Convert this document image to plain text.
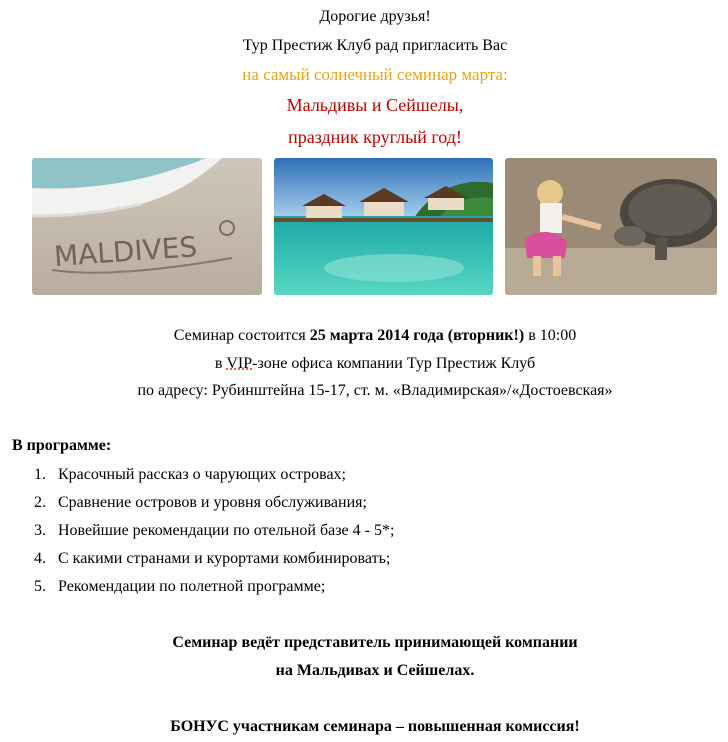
Дорогие друзья!
Тур Престиж Клуб рад пригласить Вас
на самый солнечный семинар марта:
Мальдивы и Сейшелы,
праздник круглый год!
MALDIVES
Семинар состоится 25 марта 2014 года (вторник!) в 10:00
в VIP-зоне офиса компании Тур Престиж Клуб
по адресу: Рубинштейна 15-17, ст. м. «Владимирская»/«Достоевская»
В программе:
1. Красочный рассказ о чарующих островах;
2. Сравнение островов и уровня обслуживания;
3. Новейшие рекомендации по отельной базе 4 - 5*;
4. С какими странами и курортами комбинировать;
5. Рекомендации по полетной программе;
Семинар ведёт представитель принимающей компании
на Мальдивах и Сейшелах.
БОНУС участникам семинара – повышенная комиссия!
